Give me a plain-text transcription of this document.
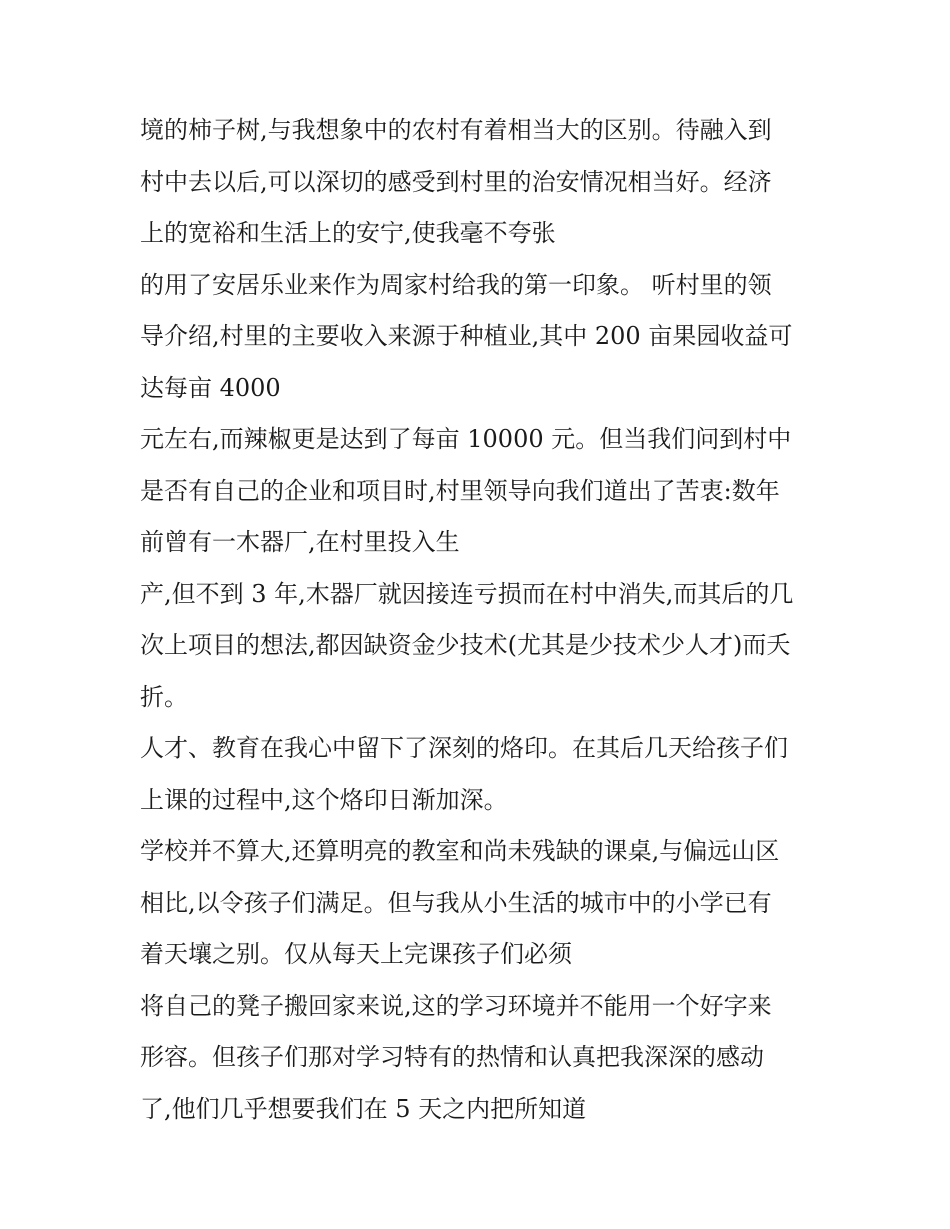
境的柿子树,与我想象中的农村有着相当大的区别。待融入到
村中去以后,可以深切的感受到村里的治安情况相当好。经济
上的宽裕和生活上的安宁,使我毫不夸张
的用了安居乐业来作为周家村给我的第一印象。 听村里的领
导介绍,村里的主要收入来源于种植业,其中 200 亩果园收益可
达每亩 4000
元左右,而辣椒更是达到了每亩 10000 元。但当我们问到村中
是否有自己的企业和项目时,村里领导向我们道出了苦衷:数年
前曾有一木器厂,在村里投入生
产,但不到 3 年,木器厂就因接连亏损而在村中消失,而其后的几
次上项目的想法,都因缺资金少技术(尤其是少技术少人才)而夭
折。
人才、教育在我心中留下了深刻的烙印。在其后几天给孩子们
上课的过程中,这个烙印日渐加深。
学校并不算大,还算明亮的教室和尚未残缺的课桌,与偏远山区
相比,以令孩子们满足。但与我从小生活的城市中的小学已有
着天壤之别。仅从每天上完课孩子们必须
将自己的凳子搬回家来说,这的学习环境并不能用一个好字来
形容。但孩子们那对学习特有的热情和认真把我深深的感动
了,他们几乎想要我们在 5 天之内把所知道
